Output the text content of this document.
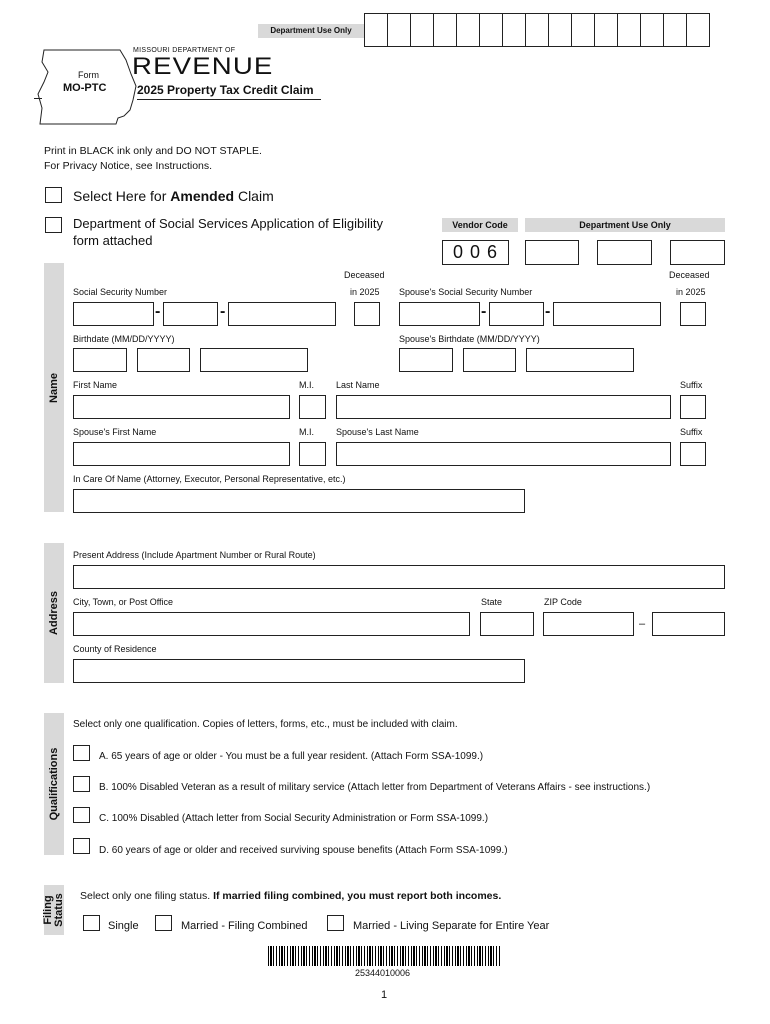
Department Use Only
MISSOURI DEPARTMENT OF
REVENUE
Form
MO-PTC	2025 Property Tax Credit Claim
Print in BLACK ink only and DO NOT STAPLE.
For Privacy Notice, see Instructions.
Select Here for Amended Claim
Department of Social Services Application of Eligibility
form attached
Vendor Code	Department Use Only
0 0 6
Name
Deceased
in 2025
Deceased
in 2025
Social Security Number	Spouse's Social Security Number
-	-	-	-
Birthdate (MM/DD/YYYY)	Spouse's Birthdate (MM/DD/YYYY)
First Name	M.I. Last Name	Suffix
Spouse's First Name	M.I. Spouse's Last Name	Suffix
In Care Of Name (Attorney, Executor, Personal Representative, etc.)
Address
Present Address (Include Apartment Number or Rural Route)
City, Town, or Post Office	State	ZIP Code
–
County of Residence
Qualifications
Select only one qualification. Copies of letters, forms, etc., must be included with claim.
A. 65 years of age or older - You must be a full year resident. (Attach Form SSA-1099.)
B. 100% Disabled Veteran as a result of military service (Attach letter from Department of Veterans Affairs - see instructions.)
C. 100% Disabled (Attach letter from Social Security Administration or Form SSA-1099.)
D. 60 years of age or older and received surviving spouse benefits (Attach Form SSA-1099.)
Filing Status Select only one filing status. If married filing combined, you must report both incomes.
Single	Married - Filing Combined	Married - Living Separate for Entire Year
25344010006
1
